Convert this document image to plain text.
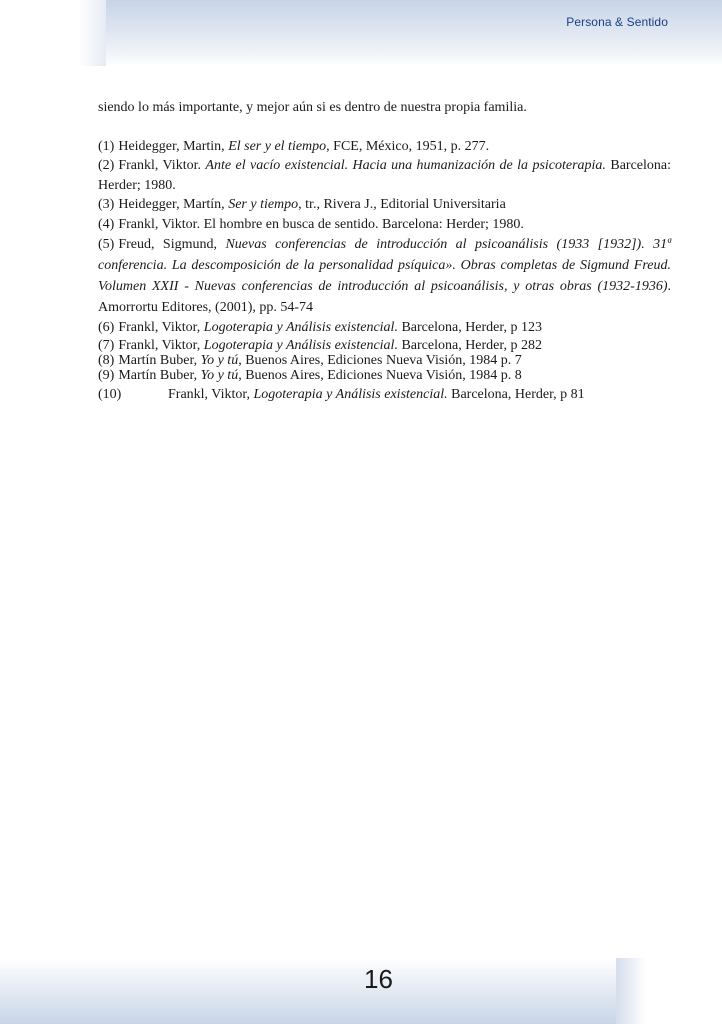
Persona & Sentido

siendo lo más importante, y mejor aún si es dentro de nuestra propia familia.

(1) Heidegger, Martin, El ser y el tiempo, FCE, México, 1951, p. 277.

(2) Frankl, Viktor. Ante el vacío existencial. Hacia una humanización de la psicoterapia. Barcelona: Herder; 1980.

(3) Heidegger, Martín, Ser y tiempo, tr., Rivera J., Editorial Universitaria

(4) Frankl, Viktor. El hombre en busca de sentido. Barcelona: Herder; 1980.

(5) Freud, Sigmund, Nuevas conferencias de introducción al psicoanálisis (1933 [1932]). 31ª conferencia. La descomposición de la personalidad psíquica». Obras completas de Sigmund Freud. Volumen XXII - Nuevas conferencias de introducción al psicoanálisis, y otras obras (1932-1936). Amorrortu Editores, (2001), pp. 54-74

(6) Frankl, Viktor, Logoterapia y Análisis existencial. Barcelona, Herder, p 123

(7) Frankl, Viktor, Logoterapia y Análisis existencial. Barcelona, Herder, p 282

(8) Martín Buber, Yo y tú, Buenos Aires, Ediciones Nueva Visión, 1984 p. 7

(9) Martín Buber, Yo y tú, Buenos Aires, Ediciones Nueva Visión, 1984 p. 8

(10)	Frankl, Viktor, Logoterapia y Análisis existencial. Barcelona, Herder, p 81

16
